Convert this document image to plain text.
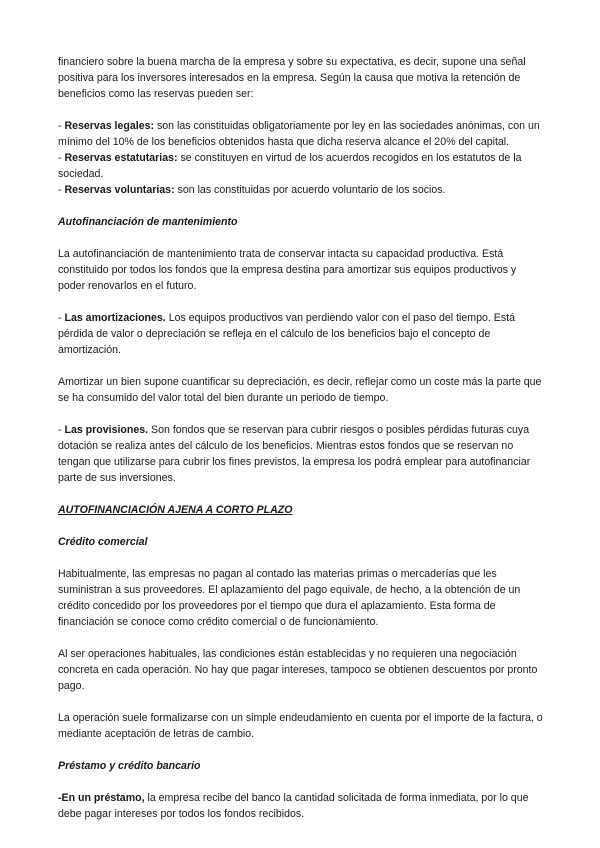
financiero sobre la buena marcha de la empresa y sobre su expectativa, es decir, supone una señal positiva para los inversores interesados en la empresa. Según la causa que motiva la retención de beneficios como las reservas pueden ser:

- Reservas legales: son las constituidas obligatoriamente por ley en las sociedades anónimas, con un mínimo del 10% de los beneficios obtenidos hasta que dicha reserva alcance el 20% del capital.

- Reservas estatutarias: se constituyen en virtud de los acuerdos recogidos en los estatutos de la sociedad.

- Reservas voluntarias: son las constituidas por acuerdo voluntario de los socios.

Autofinanciación de mantenimiento

La autofinanciación de mantenimiento trata de conservar intacta su capacidad productiva. Está constituido por todos los fondos que la empresa destina para amortizar sus equipos productivos y poder renovarlos en el futuro.

- Las amortizaciones. Los equipos productivos van perdiendo valor con el paso del tiempo. Está pérdida de valor o depreciación se refleja en el cálculo de los beneficios bajo el concepto de amortización.

Amortizar un bien supone cuantificar su depreciación, es decir, reflejar como un coste más la parte que se ha consumido del valor total del bien durante un periodo de tiempo.

- Las provisiones. Son fondos que se reservan para cubrir riesgos o posibles pérdidas futuras cuya dotación se realiza antes del cálculo de los beneficios. Mientras estos fondos que se reservan no tengan que utilizarse para cubrir los fines previstos, la empresa los podrá emplear para autofinanciar parte de sus inversiones.

AUTOFINANCIACIÓN AJENA A CORTO PLAZO

Crédito comercial

Habitualmente, las empresas no pagan al contado las materias primas o mercaderías que les suministran a sus proveedores. El aplazamiento del pago equivale, de hecho, a la obtención de un crédito concedido por los proveedores por el tiempo que dura el aplazamiento. Esta forma de financiación se conoce como crédito comercial o de funcionamiento.

Al ser operaciones habituales, las condiciones están establecidas y no requieren una negociación concreta en cada operación. No hay que pagar intereses, tampoco se obtienen descuentos por pronto pago.

La operación suele formalizarse con un simple endeudamiento en cuenta por el importe de la factura, o mediante aceptación de letras de cambio.

Préstamo y crédito bancario

-En un préstamo, la empresa recibe del banco la cantidad solicitada de forma inmediata, por lo que debe pagar intereses por todos los fondos recibidos.
